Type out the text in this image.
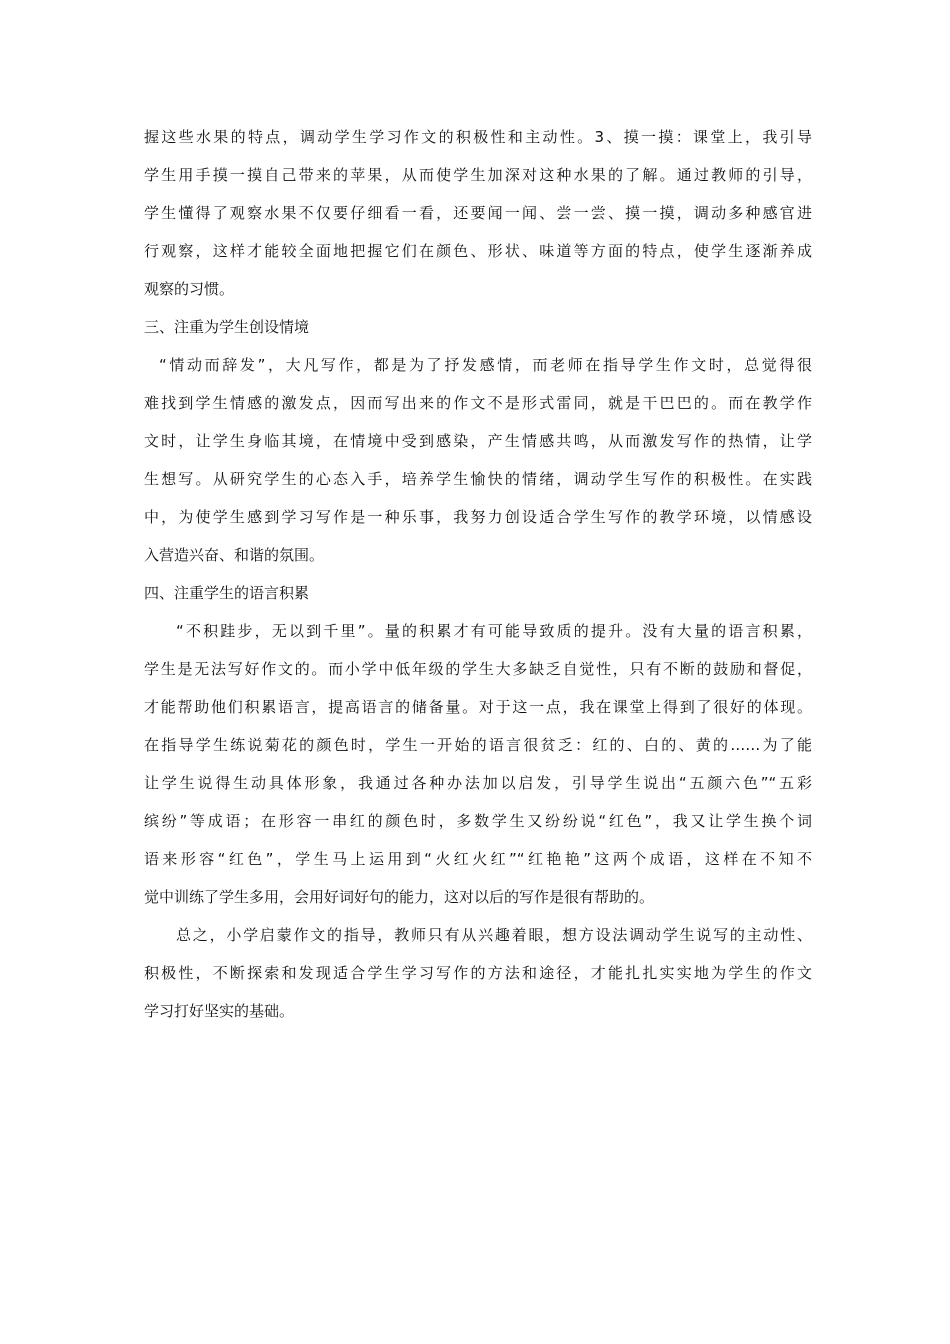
握这些水果的特点，调动学生学习作文的积极性和主动性。3、摸一摸：课堂上，我引导
学生用手摸一摸自己带来的苹果，从而使学生加深对这种水果的了解。通过教师的引导，
学生懂得了观察水果不仅要仔细看一看，还要闻一闻、尝一尝、摸一摸，调动多种感官进
行观察，这样才能较全面地把握它们在颜色、形状、味道等方面的特点，使学生逐渐养成
观察的习惯。
三、注重为学生创设情境
“情动而辞发”，大凡写作，都是为了抒发感情，而老师在指导学生作文时，总觉得很
难找到学生情感的激发点，因而写出来的作文不是形式雷同，就是干巴巴的。而在教学作
文时，让学生身临其境，在情境中受到感染，产生情感共鸣，从而激发写作的热情，让学
生想写。从研究学生的心态入手，培养学生愉快的情绪，调动学生写作的积极性。在实践
中，为使学生感到学习写作是一种乐事，我努力创设适合学生写作的教学环境，以情感设
入营造兴奋、和谐的氛围。
四、注重学生的语言积累
“不积跬步，无以到千里”。量的积累才有可能导致质的提升。没有大量的语言积累，
学生是无法写好作文的。而小学中低年级的学生大多缺乏自觉性，只有不断的鼓励和督促，
才能帮助他们积累语言，提高语言的储备量。对于这一点，我在课堂上得到了很好的体现。
在指导学生练说菊花的颜色时，学生一开始的语言很贫乏：红的、白的、黄的……为了能
让学生说得生动具体形象，我通过各种办法加以启发，引导学生说出“五颜六色”“五彩
缤纷”等成语；在形容一串红的颜色时，多数学生又纷纷说“红色”，我又让学生换个词
语来形容“红色”，学生马上运用到“火红火红”“红艳艳”这两个成语，这样在不知不
觉中训练了学生多用，会用好词好句的能力，这对以后的写作是很有帮助的。
总之，小学启蒙作文的指导，教师只有从兴趣着眼，想方设法调动学生说写的主动性、
积极性，不断探索和发现适合学生学习写作的方法和途径，才能扎扎实实地为学生的作文
学习打好坚实的基础。
